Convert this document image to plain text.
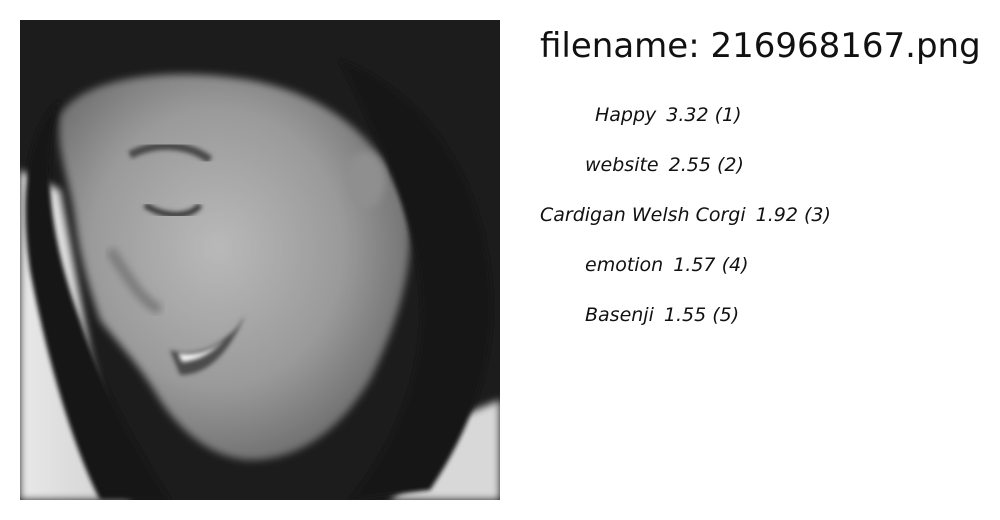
filename: 216968167.png
Happy 3.32 (1)
website 2.55 (2)
Cardigan Welsh Corgi 1.92 (3)
emotion 1.57 (4)
Basenji 1.55 (5)
